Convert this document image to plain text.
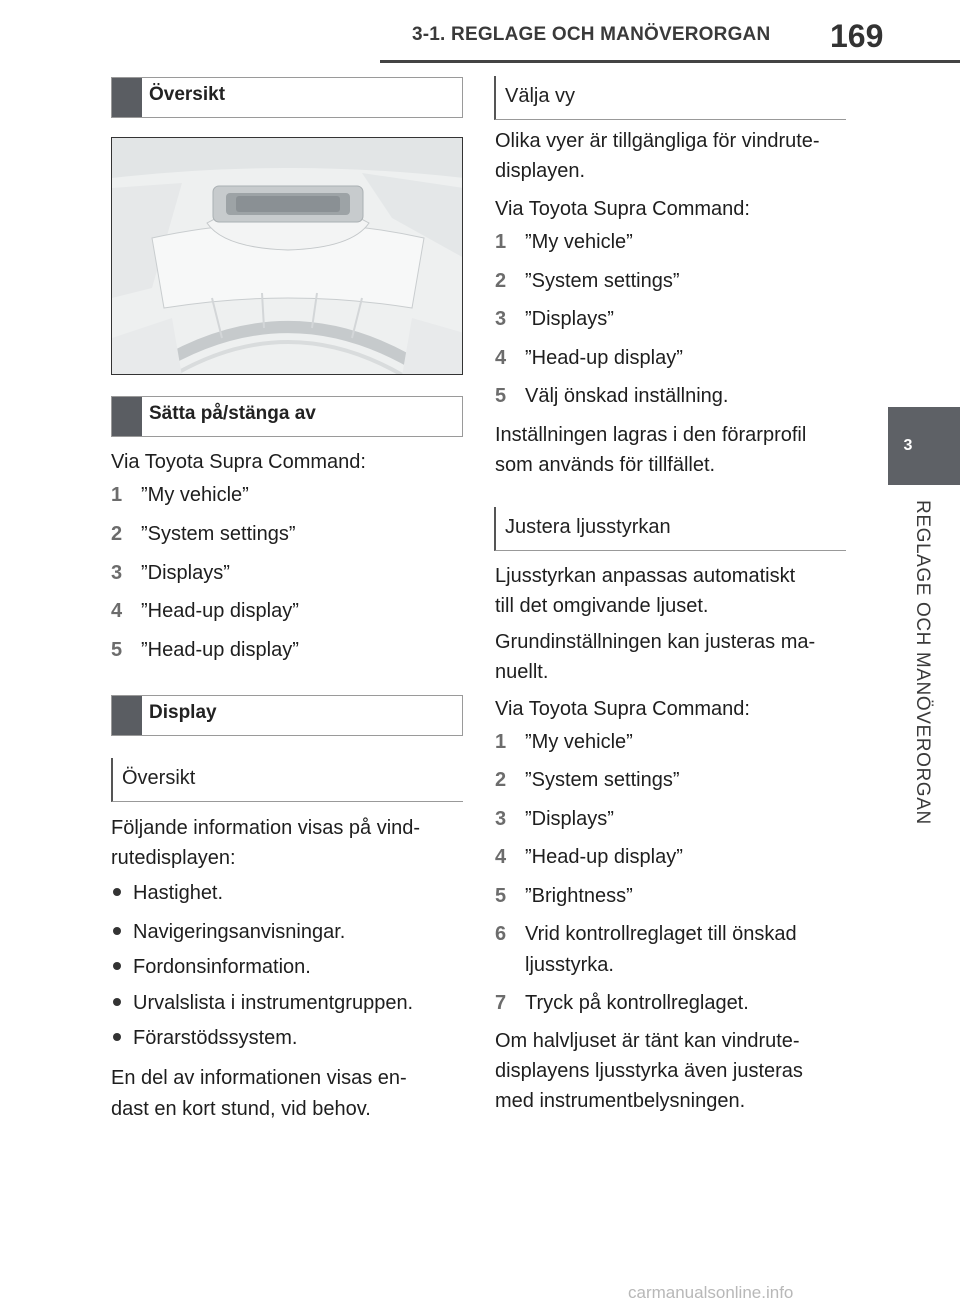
3-1. REGLAGE OCH MANÖVERORGAN 169
3
REGLAGE OCH MANÖVERORGAN
Översikt
Sätta på/stänga av
Via Toyota Supra Command:
1 ”My vehicle”
2 ”System settings”
3 ”Displays”
4 ”Head-up display”
5 ”Head-up display”
Display
Översikt
Följande information visas på vind-
rutedisplayen:
Hastighet.
Navigeringsanvisningar.
Fordonsinformation.
Urvalslista i instrumentgruppen.
Förarstödssystem.
En del av informationen visas en-
dast en kort stund, vid behov.
Välja vy
Olika vyer är tillgängliga för vindrute-
displayen.
Via Toyota Supra Command:
1 ”My vehicle”
2 ”System settings”
3 ”Displays”
4 ”Head-up display”
5 Välj önskad inställning.
Inställningen lagras i den förarprofil
som används för tillfället.
Justera ljusstyrkan
Ljusstyrkan anpassas automatiskt
till det omgivande ljuset.
Grundinställningen kan justeras ma-
nuellt.
Via Toyota Supra Command:
1 ”My vehicle”
2 ”System settings”
3 ”Displays”
4 ”Head-up display”
5 ”Brightness”
6 Vrid kontrollreglaget till önskad
ljusstyrka.
7 Tryck på kontrollreglaget.
Om halvljuset är tänt kan vindrute-
displayens ljusstyrka även justeras
med instrumentbelysningen.
carmanualsonline.info
